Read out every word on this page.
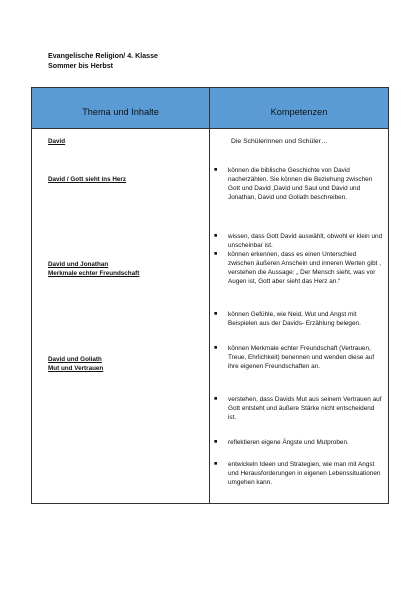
Evangelische Religion/ 4. Klasse
Sommer bis Herbst
Thema und Inhalte	Kompetenzen
David
David / Gott sieht ins Herz
David und Jonathan
Merkmale echter Freundschaft
David und Goliath
Mut und Vertrauen
Die Schülerinnen und Schüler…
■ können die biblische Geschichte von David nacherzählen. Sie können die Beziehung zwischen Gott und David ‚David und Saul und David und Jonathan, David und Goliath beschreiben.
■ wissen, dass Gott David auswählt, obwohl er klein und unscheinbar ist.
■ können erkennen, dass es einen Unterschied zwischen äußeren Anschein und inneren Werten gibt , verstehen die Aussage: „ Der Mensch sieht, was vor Augen ist, Gott aber sieht das Herz an.“
■ können Gefühle, wie Neid, Wut und Angst mit Beispielen aus der Davids- Erzählung belegen.
■ können Merkmale echter Freundschaft (Vertrauen, Treue, Ehrlichkeit) benennen und wenden diese auf ihre eigenen Freundschaften an.
■ verstehen, dass Davids Mut aus seinem Vertrauen auf Gott entsteht und äußere Stärke nicht entscheidend ist.
■ reflektieren eigene Ängste und Mutproben.
■ entwickeln Ideen und Strategien, wie man mit Angst und Herausforderungen in eigenen Lebenssituationen umgehen kann.
